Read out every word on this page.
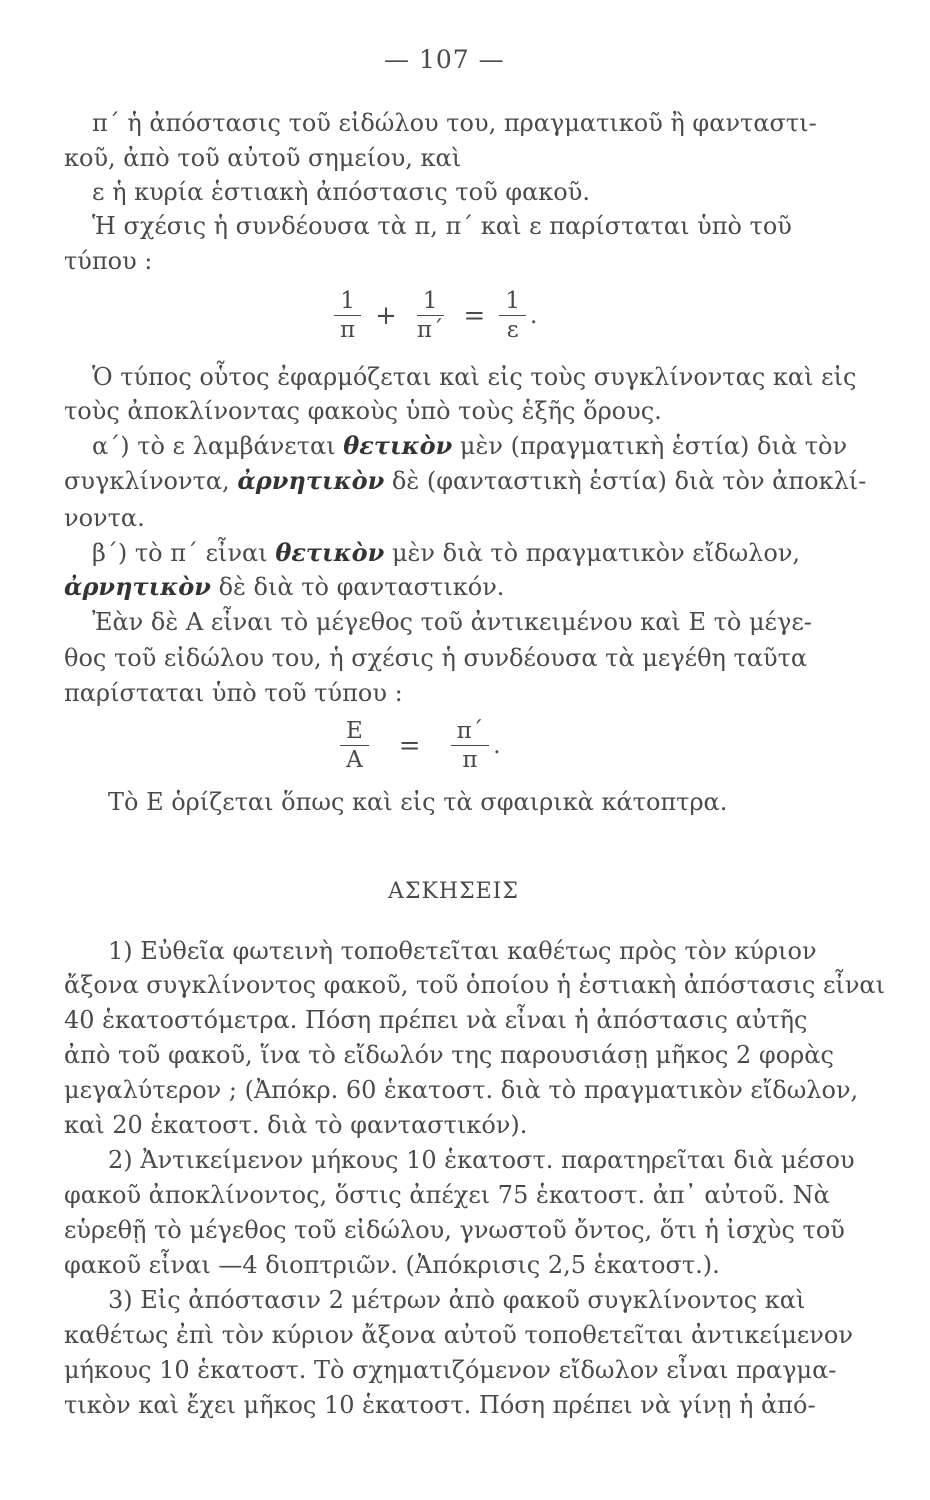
— 107 —
π΄ ἡ ἀπόστασις τοῦ εἰδώλου του, πραγματικοῦ ἢ φανταστι-
κοῦ, ἀπὸ τοῦ αὐτοῦ σημείου, καὶ
ε ἡ κυρία ἑστιακὴ ἀπόστασις τοῦ φακοῦ.
Ἡ σχέσις ἡ συνδέουσα τὰ π, π΄ καὶ ε παρίσταται ὑπὸ τοῦ
τύπου :
$\frac{1}{\pi} + \frac{1}{\pi΄} = \frac{1}{\varepsilon}$ .
Ὁ τύπος οὗτος ἐφαρμόζεται καὶ εἰς τοὺς συγκλίνοντας καὶ εἰς
τοὺς ἀποκλίνοντας φακοὺς ὑπὸ τοὺς ἑξῆς ὅρους.
α΄) τὸ ε λαμβάνεται θετικὸν μὲν (πραγματικὴ ἑστία) διὰ τὸν
συγκλίνοντα, ἀρνητικὸν δὲ (φανταστικὴ ἑστία) διὰ τὸν ἀποκλί-
νοντα.
β΄) τὸ π΄ εἶναι θετικὸν μὲν διὰ τὸ πραγματικὸν εἴδωλον,
ἀρνητικὸν δὲ διὰ τὸ φανταστικόν.
Ἐὰν δὲ Α εἶναι τὸ μέγεθος τοῦ ἀντικειμένου καὶ Ε τὸ μέγε-
θος τοῦ εἰδώλου του, ἡ σχέσις ἡ συνδέουσα τὰ μεγέθη ταῦτα
παρίσταται ὑπὸ τοῦ τύπου :
$\frac{E}{A} = \frac{\pi΄}{\pi}$ .
Τὸ Ε ὁρίζεται ὅπως καὶ εἰς τὰ σφαιρικὰ κάτοπτρα.
ΑΣΚΗΣΕΙΣ
1) Εὐθεῖα φωτεινὴ τοποθετεῖται καθέτως πρὸς τὸν κύριον
ἄξονα συγκλίνοντος φακοῦ, τοῦ ὁποίου ἡ ἑστιακὴ ἀπόστασις εἶναι
40 ἑκατοστόμετρα. Πόση πρέπει νὰ εἶναι ἡ ἀπόστασις αὐτῆς
ἀπὸ τοῦ φακοῦ, ἵνα τὸ εἴδωλόν της παρουσιάσῃ μῆκος 2 φορὰς
μεγαλύτερον ; (Ἀπόκρ. 60 ἑκατοστ. διὰ τὸ πραγματικὸν εἴδωλον,
καὶ 20 ἑκατοστ. διὰ τὸ φανταστικόν).
2) Ἀντικείμενον μήκους 10 ἑκατοστ. παρατηρεῖται διὰ μέσου
φακοῦ ἀποκλίνοντος, ὅστις ἀπέχει 75 ἑκατοστ. ἀπ᾽ αὐτοῦ. Νὰ
εὑρεθῇ τὸ μέγεθος τοῦ εἰδώλου, γνωστοῦ ὄντος, ὅτι ἡ ἰσχὺς τοῦ
φακοῦ εἶναι —4 διοπτριῶν. (Ἀπόκρισις 2,5 ἑκατοστ.).
3) Εἰς ἀπόστασιν 2 μέτρων ἀπὸ φακοῦ συγκλίνοντος καὶ
καθέτως ἐπὶ τὸν κύριον ἄξονα αὐτοῦ τοποθετεῖται ἀντικείμενον
μήκους 10 ἑκατοστ. Τὸ σχηματιζόμενον εἴδωλον εἶναι πραγμα-
τικὸν καὶ ἔχει μῆκος 10 ἑκατοστ. Πόση πρέπει νὰ γίνῃ ἡ ἀπό-
